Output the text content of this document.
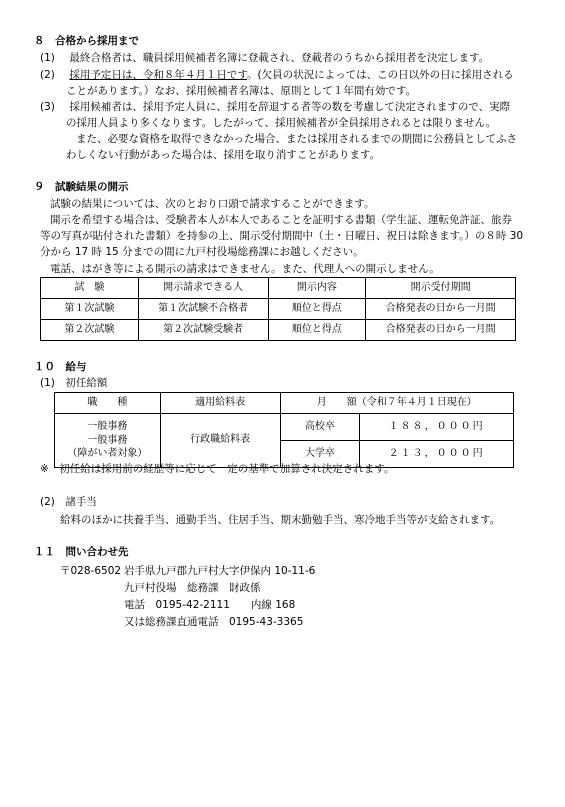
８　合格から採用まで
(1) 最終合格者は、職員採用候補者名簿に登載され、登載者のうちから採用者を決定します。
(2) 採用予定日は、令和８年４月１日です。(欠員の状況によっては、この日以外の日に採用される
ことがあります。）なお、採用候補者名簿は、原則として１年間有効です。
(3) 採用候補者は、採用予定人員に、採用を辞退する者等の数を考慮して決定されますので、実際
の採用人員より多くなります。したがって、採用候補者が全員採用されるとは限りません。
また、必要な資格を取得できなかった場合、または採用されるまでの期間に公務員としてふさ
わしくない行動があった場合は、採用を取り消すことがあります。
９　試験結果の開示
試験の結果については、次のとおり口頭で請求することができます。
開示を希望する場合は、受験者本人が本人であることを証明する書類（学生証、運転免許証、旅券
等の写真が貼付された書類）を持参の上、開示受付期間中（土・日曜日、祝日は除きます。）の８時 30
分から 17 時 15 分までの間に九戸村役場総務課にお越しください。
電話、はがき等による開示の請求はできません。また、代理人への開示しません。
試　験	開示請求できる人	開示内容	開示受付期間
第１次試験	第１次試験不合格者	順位と得点	合格発表の日から一月間
第２次試験	第２次試験受験者	順位と得点	合格発表の日から一月間
１０　給与
(1)　初任給額
職　　種	適用給料表	月　　額（令和７年４月１日現在）	

一般事務
一般事務
（障がい者対象）	行政職給料表	高校卒	１８８，０００円
		大学卒	２１３，０００円
※　初任給は採用前の経歴等に応じて一定の基準で加算され決定されます。
(2)　諸手当
給料のほかに扶養手当、通勤手当、住居手当、期末勤勉手当、寒冷地手当等が支給されます。
１１　問い合わせ先
〒028-6502 岩手県九戸郡九戸村大字伊保内 10-11-6
九戸村役場　総務課　財政係
電話　0195-42-2111　　内線 168
又は総務課直通電話　0195-43-3365
